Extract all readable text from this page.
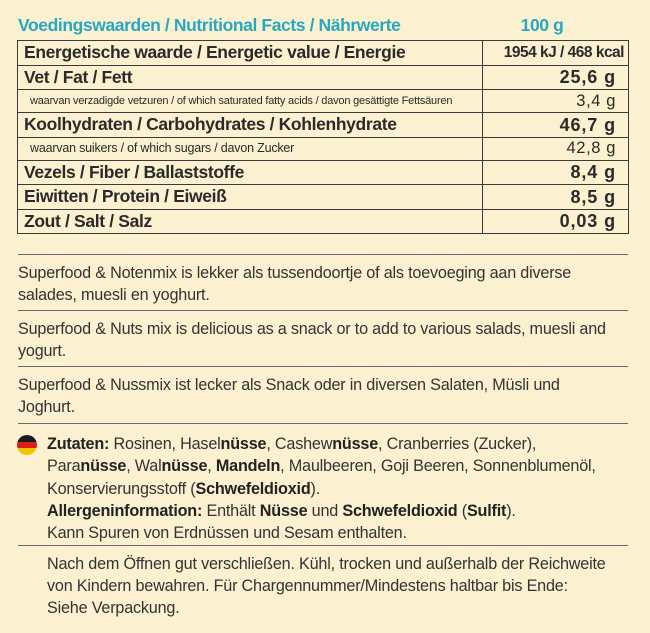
Voedingswaarden / Nutritional Facts / Nährwerte	100 g
Energetische waarde / Energetic value / Energie	1954 kJ / 468 kcal
Vet / Fat / Fett	25,6 g
waarvan verzadigde vetzuren / of which saturated fatty acids / davon gesättigte Fettsäuren	3,4 g
Koolhydraten / Carbohydrates / Kohlenhydrate	46,7 g
waarvan suikers / of which sugars / davon Zucker	42,8 g
Vezels / Fiber / Ballaststoffe	8,4 g
Eiwitten / Protein / Eiweiß	8,5 g
Zout / Salt / Salz	0,03 g
Superfood & Notenmix is lekker als tussendoortje of als toevoeging aan diverse salades, muesli en yoghurt.
Superfood & Nuts mix is delicious as a snack or to add to various salads, muesli and yogurt.
Superfood & Nussmix ist lecker als Snack oder in diversen Salaten, Müsli und Joghurt.
Zutaten: Rosinen, Haselnüsse, Cashewnüsse, Cranberries (Zucker),
Paranüsse, Walnüsse, Mandeln, Maulbeeren, Goji Beeren, Sonnenblumenöl,
Konservierungsstoff (Schwefeldioxid).
Allergeninformation: Enthält Nüsse und Schwefeldioxid (Sulfit).
Kann Spuren von Erdnüssen und Sesam enthalten.
Nach dem Öffnen gut verschließen. Kühl, trocken und außerhalb der Reichweite von Kindern bewahren. Für Chargennummer/Mindestens haltbar bis Ende: Siehe Verpackung.
